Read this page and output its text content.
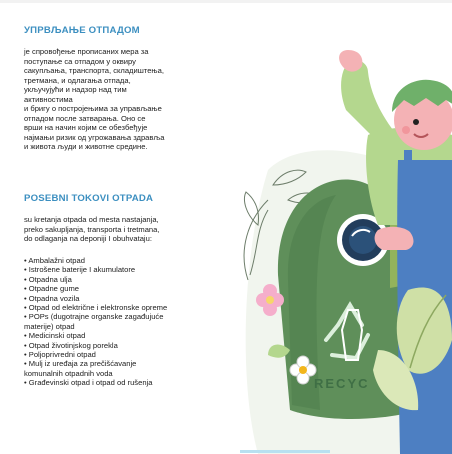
УПРВЉАЊЕ ОТПАДОМ

је спровођење прописаних мера за
поступање са отпадом у оквиру
сакупљања, транспорта, складиштења,
третмана, и одлагања отпада,
укључујући и надзор над тим
активностима
и бригу о постројењима за управљање
отпадом после затварања. Оно се
врши на начин којим се обезбеђује
најмањи ризик од угрожавања здравља
и живота људи и животне средине.

POSEBNI TOKOVI OTPADA

su kretanja otpada od mesta nastajanja,
preko sakupljanja, transporta i tretmana,
do odlaganja na deponiji I obuhvataju:

• Ambalažni otpad
• Istrošene baterije I akumulatore
• Otpadna ulja
• Otpadne gume
• Otpadna vozila
• Otpad od električne i elektronske opreme
• POPs (dugotrajne organske zagađujuće
materije) otpad
• Medicinski otpad
• Otpad životinjskog porekla
• Poljoprivredni otpad
• Mulj iz uređaja za prečišćavanje
komunalnih otpadnih voda
• Građevinski otpad i otpad od rušenja	RECYC
